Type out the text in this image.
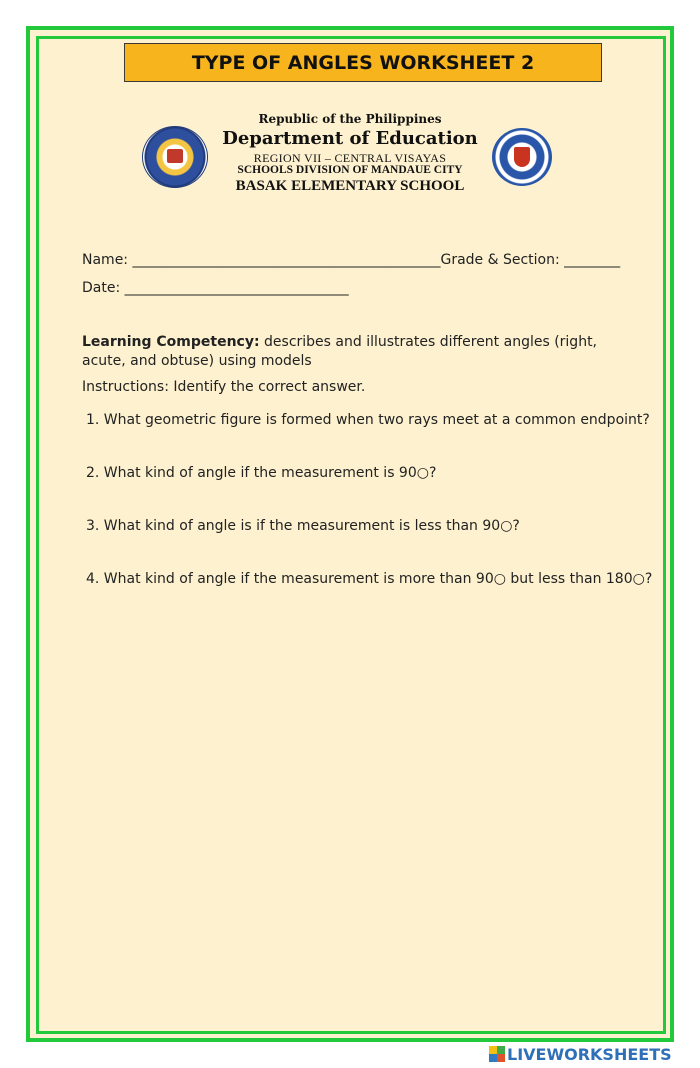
TYPE OF ANGLES WORKSHEET 2
Republic of the Philippines
Department of Education
REGION VII – CENTRAL VISAYAS
SCHOOLS DIVISION OF MANDAUE CITY
BASAK ELEMENTARY SCHOOL
Name: ____________________________________________Grade & Section: ________
Date: ________________________________
Learning Competency: describes and illustrates different angles (right, acute, and obtuse) using models
Instructions: Identify the correct answer.
1. What geometric figure is formed when two rays meet at a common endpoint?
2. What kind of angle if the measurement is 90○?
3. What kind of angle is if the measurement is less than 90○?
4. What kind of angle if the measurement is more than 90○ but less than 180○?
LIVEWORKSHEETS
